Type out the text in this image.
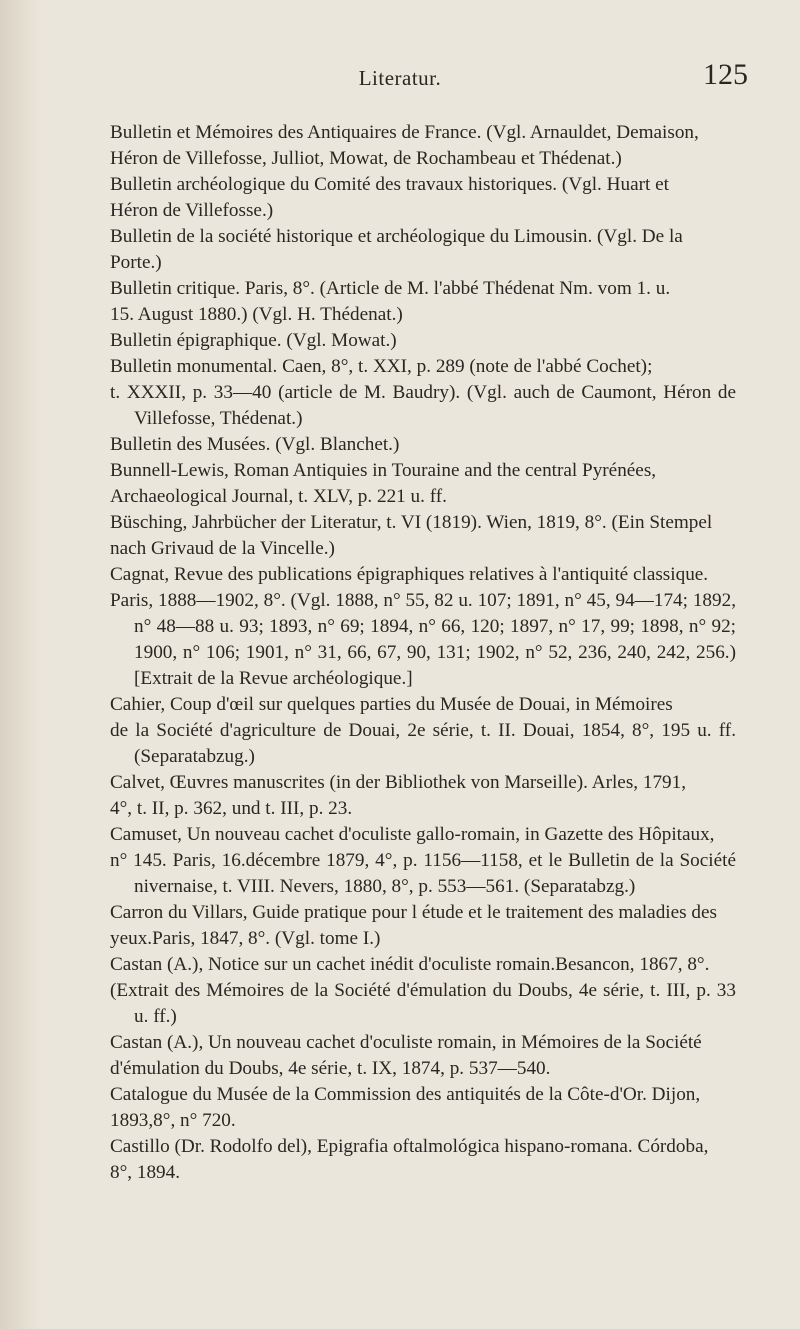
Literatur.	125

Bulletin et Mémoires des Antiquaires de France. (Vgl. Arnauldet, Demaison,
Héron de Villefosse, Julliot, Mowat, de Rochambeau et Thédenat.)

Bulletin archéologique du Comité des travaux historiques. (Vgl. Huart et
Héron de Villefosse.)

Bulletin de la société historique et archéologique du Limousin. (Vgl. De la
Porte.)

Bulletin critique. Paris, 8°. (Article de M. l'abbé Thédenat Nm. vom 1. u.
15. August 1880.) (Vgl. H. Thédenat.)

Bulletin épigraphique. (Vgl. Mowat.)

Bulletin monumental. Caen, 8°, t. XXI, p. 289 (note de l'abbé Cochet);
t. XXXII, p. 33—40 (article de M. Baudry). (Vgl. auch de Caumont, Héron de Villefosse, Thédenat.)

Bulletin des Musées. (Vgl. Blanchet.)

Bunnell-Lewis, Roman Antiquies in Touraine and the central Pyrénées,
Archaeological Journal, t. XLV, p. 221 u. ff.

Büsching, Jahrbücher der Literatur, t. VI (1819). Wien, 1819, 8°. (Ein Stempel
nach Grivaud de la Vincelle.)

Cagnat, Revue des publications épigraphiques relatives à l'antiquité classique.
Paris, 1888—1902, 8°. (Vgl. 1888, n° 55, 82 u. 107; 1891, n° 45, 94—174; 1892, n° 48—88 u. 93; 1893, n° 69; 1894, n° 66, 120; 1897, n° 17, 99; 1898, n° 92; 1900, n° 106; 1901, n° 31, 66, 67, 90, 131; 1902, n° 52, 236, 240, 242, 256.) [Extrait de la Revue archéologique.]

Cahier, Coup d'œil sur quelques parties du Musée de Douai, in Mémoires
de la Société d'agriculture de Douai, 2e série, t. II. Douai, 1854, 8°, 195 u. ff. (Separatabzug.)

Calvet, Œuvres manuscrites (in der Bibliothek von Marseille). Arles, 1791,
4°, t. II, p. 362, und t. III, p. 23.

Camuset, Un nouveau cachet d'oculiste gallo-romain, in Gazette des Hôpitaux,
n° 145. Paris, 16.décembre 1879, 4°, p. 1156—1158, et le Bulletin de la Société nivernaise, t. VIII. Nevers, 1880, 8°, p. 553—561. (Separatabzg.)

Carron du Villars, Guide pratique pour l étude et le traitement des maladies des
yeux.Paris, 1847, 8°. (Vgl. tome I.)

Castan (A.), Notice sur un cachet inédit d'oculiste romain.Besancon, 1867, 8°.
(Extrait des Mémoires de la Société d'émulation du Doubs, 4e série, t. III, p. 33 u. ff.)

Castan (A.), Un nouveau cachet d'oculiste romain, in Mémoires de la Société
d'émulation du Doubs, 4e série, t. IX, 1874, p. 537—540.

Catalogue du Musée de la Commission des antiquités de la Côte-d'Or. Dijon,
1893,8°, n° 720.

Castillo (Dr. Rodolfo del), Epigrafia oftalmológica hispano-romana. Córdoba,
8°, 1894.
